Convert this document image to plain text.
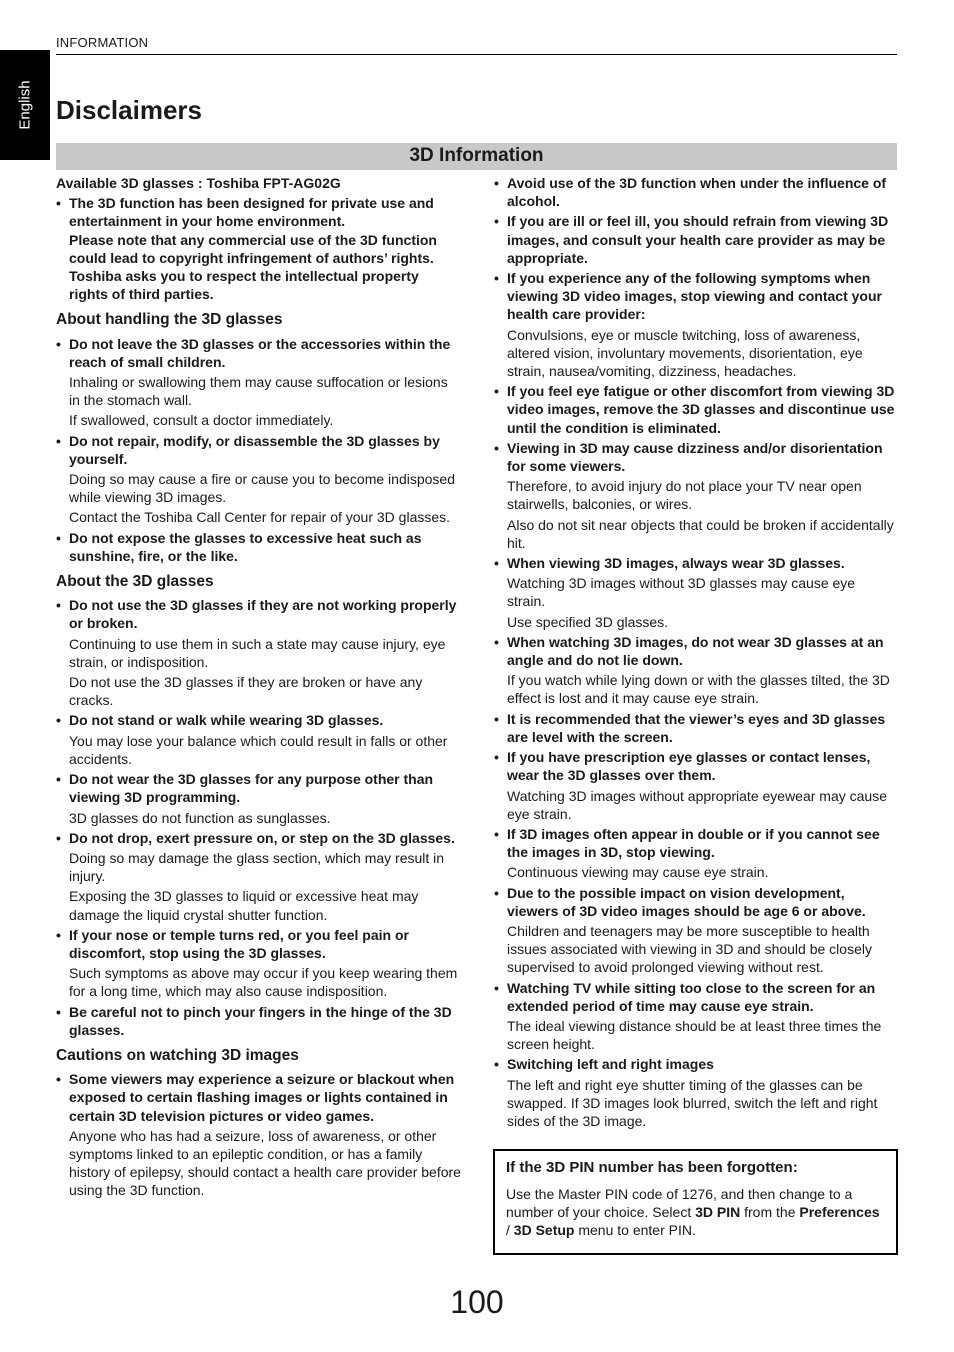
English
INFORMATION
Disclaimers
3D Information

Available 3D glasses : Toshiba FPT-AG02G

• The 3D function has been designed for private use and entertainment in your home environment.

Please note that any commercial use of the 3D function could lead to copyright infringement of authors’ rights. Toshiba asks you to respect the intellectual property rights of third parties.

About handling the 3D glasses

• Do not leave the 3D glasses or the accessories within the reach of small children.

Inhaling or swallowing them may cause suffocation or lesions in the stomach wall.

If swallowed, consult a doctor immediately.

• Do not repair, modify, or disassemble the 3D glasses by yourself.

Doing so may cause a fire or cause you to become indisposed while viewing 3D images.

Contact the Toshiba Call Center for repair of your 3D glasses.

• Do not expose the glasses to excessive heat such as sunshine, fire, or the like.

About the 3D glasses

• Do not use the 3D glasses if they are not working properly or broken.

Continuing to use them in such a state may cause injury, eye strain, or indisposition.

Do not use the 3D glasses if they are broken or have any cracks.

• Do not stand or walk while wearing 3D glasses.

You may lose your balance which could result in falls or other accidents.

• Do not wear the 3D glasses for any purpose other than viewing 3D programming.

3D glasses do not function as sunglasses.

• Do not drop, exert pressure on, or step on the 3D glasses.

Doing so may damage the glass section, which may result in injury.

Exposing the 3D glasses to liquid or excessive heat may damage the liquid crystal shutter function.

• If your nose or temple turns red, or you feel pain or discomfort, stop using the 3D glasses.

Such symptoms as above may occur if you keep wearing them for a long time, which may also cause indisposition.

• Be careful not to pinch your fingers in the hinge of the 3D glasses.

Cautions on watching 3D images

• Some viewers may experience a seizure or blackout when exposed to certain flashing images or lights contained in certain 3D television pictures or video games.

Anyone who has had a seizure, loss of awareness, or other symptoms linked to an epileptic condition, or has a family history of epilepsy, should contact a health care provider before using the 3D function.

• Avoid use of the 3D function when under the influence of alcohol.

• If you are ill or feel ill, you should refrain from viewing 3D images, and consult your health care provider as may be appropriate.

• If you experience any of the following symptoms when viewing 3D video images, stop viewing and contact your health care provider:

Convulsions, eye or muscle twitching, loss of awareness, altered vision, involuntary movements, disorientation, eye strain, nausea/vomiting, dizziness, headaches.

• If you feel eye fatigue or other discomfort from viewing 3D video images, remove the 3D glasses and discontinue use until the condition is eliminated.

• Viewing in 3D may cause dizziness and/or disorientation for some viewers.

Therefore, to avoid injury do not place your TV near open stairwells, balconies, or wires.

Also do not sit near objects that could be broken if accidentally hit.

• When viewing 3D images, always wear 3D glasses.

Watching 3D images without 3D glasses may cause eye strain.

Use specified 3D glasses.

• When watching 3D images, do not wear 3D glasses at an angle and do not lie down.

If you watch while lying down or with the glasses tilted, the 3D effect is lost and it may cause eye strain.

• It is recommended that the viewer’s eyes and 3D glasses are level with the screen.

• If you have prescription eye glasses or contact lenses, wear the 3D glasses over them.

Watching 3D images without appropriate eyewear may cause eye strain.

• If 3D images often appear in double or if you cannot see the images in 3D, stop viewing.

Continuous viewing may cause eye strain.

• Due to the possible impact on vision development, viewers of 3D video images should be age 6 or above.

Children and teenagers may be more susceptible to health issues associated with viewing in 3D and should be closely supervised to avoid prolonged viewing without rest.

• Watching TV while sitting too close to the screen for an extended period of time may cause eye strain.

The ideal viewing distance should be at least three times the screen height.

• Switching left and right images

The left and right eye shutter timing of the glasses can be swapped. If 3D images look blurred, switch the left and right sides of the 3D image.

If the 3D PIN number has been forgotten:
Use the Master PIN code of 1276, and then change to a number of your choice. Select 3D PIN from the Preferences / 3D Setup menu to enter PIN.
100
